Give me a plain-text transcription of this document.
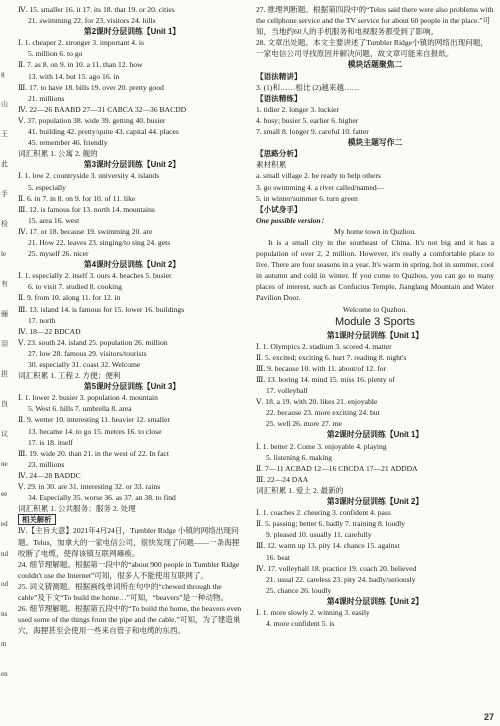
g
山
王
此
手
检
le
有
骊
羽
担
良
议
ne
ee
ed
nd
od
ns
m
en
Ⅳ. 15. smaller 16. it 17. its 18. that 19. or 20. cities
21. swimming 22. for 23. visitors 24. hills
第2课时分层训练【Unit 1】
Ⅰ. 1. cheaper 2. stronger 3. important 4. is
5. million 6. to go
Ⅱ. 7. as 8. on 9. in 10. a 11. than 12. how
13. with 14. but 15. ago 16. in
Ⅲ. 17. to have 18. bills 19. over 20. pretty good
21. millions
Ⅳ. 22—26 BAABD 27—31 CABCA 32—36 BACDD
Ⅴ. 37. population 38. wide 39. getting 40. busier
41. building 42. pretty/quite 43. capital 44. places
45. remember 46. friendly
词汇积累 1. 公寓 2. 舰的
第3课时分层训练【Unit 2】
Ⅰ. 1. low 2. countryside 3. university 4. islands
5. especially
Ⅱ. 6. in 7. in 8. on 9. for 10. of 11. like
Ⅲ. 12. is famous for 13. north 14. mountains
15. area 16. west
Ⅳ. 17. or 18. because 19. swimming 20. are
21. How 22. leaves 23. singing/to sing 24. gets
25. myself 26. nicer
第4课时分层训练【Unit 2】
Ⅰ. 1. especially 2. itself 3. ours 4. beaches 5. busier
6. to visit 7. studied 8. cooking
Ⅱ. 9. from 10. along 11. for 12. in
Ⅲ. 13. island 14. is famous for 15. lower 16. buildings
17. north
Ⅳ. 18—22 BDCAD
Ⅴ. 23. south 24. island 25. population 26. million
27. low 28. famous 29. visitors/tourists
30. especially 31. coast 32. Welcome
词汇积累 1. 工程 2. 方便；便利
第5课时分层训练【Unit 3】
Ⅰ. 1. lower 2. busier 3. population 4. mountain
5. West 6. hills 7. umbrella 8. area
Ⅱ. 9. wetter 10. interesting 11. heavier 12. smaller
13. became 14. to go 15. metres 16. to close
17. is 18. itself
Ⅲ. 19. wide 20. than 21. in the west of 22. In fact
23. millions
Ⅳ. 24—28 BADDC
Ⅴ. 29. in 30. are 31. interesting 32. or 33. rains
34. Especially 35. worse 36. as 37. an 38. to find
词汇积累 1. 公共服务；服务 2. 处理
相关解析
Ⅳ.【主旨大意】2021年4月24日，Tumbler Ridge 小镇的网络出现问题。Telus，加拿大的一家电信公司，很快发现了问题——一条海狸咬断了电缆，使得该镇互联网瘫痪。
24. 细节理解题。根据第一段中的“about 900 people in Tumbler Ridge couldn't use the Internet”可知，很多人不能使用互联网了。
25. 词义猜测题。根据画线单词所在句中的“chewed through the cable”及下文“To build the home…”可知，“beavers”是一种动物。
26. 细节理解题。根据第五段中的“To build the home, the beavers even used some of the things from the pipe and the cable.”可知，为了建造巢穴，海狸甚至会使用一些来自管子和电缆的东西。
27. 推理判断题。根据第四段中的“Telus said there were also problems with the cellphone service and the TV service for about 60 people in the place.”可知，当地约60人的手机服务和电视服务都受到了影响。
28. 文章出处题。本文主要讲述了Tumbler Ridge小镇的网络出现问题，一家电信公司寻找原因并解决问题，故文章可能来自报纸。
模块话题聚焦二
【语法精讲】
3. (1)和……相比 (2)越来越……
【语法精练】
1. tidier 2. longer 3. luckier
4. busy; busier 5. earlier 6. higher
7. small 8. longer 9. careful 10. fatter
模块主题写作二
【思路分析】
素材积累
a. small village 2. be ready to help others
3. go swimming 4. a river called/named—
5. in winter/summer 6. turn green
【小试身手】
One possible version：
My home town in Quzhou.
It is a small city in the southeast of China. It's not big and it has a population of over 2, 2 million. However, it's really a comfortable place to live. There are four seasons in a year. It's warm in spring, hot in summer, cool in autumn and cold in winter. If you come to Quzhou, you can go to many places of interest, such as Confucius Temple, Jianglang Mountain and Water Pavilion Door.
Welcome to Quzhou.
Module 3 Sports
第1课时分层训练【Unit 1】
Ⅰ. 1. Olympics 2. stadium 3. scored 4. matter
Ⅱ. 5. excited; exciting 6. hurt 7. reading 8. night's
Ⅲ. 9. because 10. with 11. about/of 12. for
Ⅲ. 13. boring 14. mind 15. miss 16. plenty of
17. volleyball
Ⅴ. 18. a 19. with 20. likes 21. enjoyable
22. because 23. more exciting 24. but
25. well 26. more 27. me
第2课时分层训练【Unit 1】
Ⅰ. 1. better 2. Come 3. enjoyable 4. playing
5. listening 6. making
Ⅱ. 7—11 ACBAD 12—16 CBCDA 17—21 ADDDA
Ⅲ. 22—24 DAA
词汇积累 1. 爱上 2. 最新的
第3课时分层训练【Unit 2】
Ⅰ. 1. coaches 2. cheering 3. confident 4. pass
Ⅱ. 5. passing; better 6. badly 7. training 8. loudly
9. pleased 10. usually 11. carefully
Ⅲ. 12. warm up 13. pity 14. chance 15. against
16. beat
Ⅳ. 17. volleyball 18. practice 19. coach 20. believed
21. usual 22. careless 23. pity 24. badly/seriously
25. chance 26. loudly
第4课时分层训练【Unit 2】
Ⅰ. 1. more slowly 2. winning 3. easily
4. more confident 5. is
27
